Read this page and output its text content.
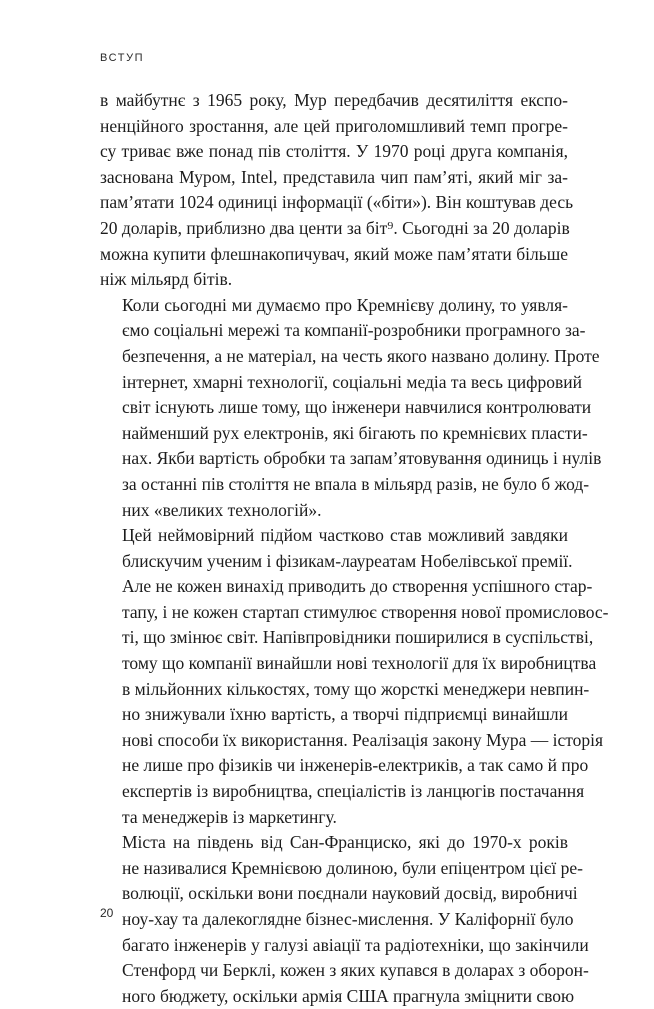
ВСТУП

в майбутнє з 1965 року, Мур передбачив десятиліття експо-
ненційного зростання, але цей приголомшливий темп прогре-
су триває вже понад пів століття. У 1970 році друга компанія,
заснована Муром, Intel, представила чип пам’яті, який міг за-
пам’ятати 1024 одиниці інформації («біти»). Він коштував десь
20 доларів, приблизно два центи за біт⁹. Сьогодні за 20 доларів
можна купити флешнакопичувач, який може пам’ятати більше
ніж мільярд бітів.

Коли сьогодні ми думаємо про Кремнієву долину, то уявля-
ємо соціальні мережі та компанії-розробники програмного за-
безпечення, а не матеріал, на честь якого названо долину. Проте
інтернет, хмарні технології, соціальні медіа та весь цифровий
світ існують лише тому, що інженери навчилися контролювати
найменший рух електронів, які бігають по кремнієвих пласти-
нах. Якби вартість обробки та запам’ятовування одиниць і нулів
за останні пів століття не впала в мільярд разів, не було б жод-
них «великих технологій».

Цей неймовірний підйом частково став можливий завдяки
блискучим ученим і фізикам-лауреатам Нобелівської премії.
Але не кожен винахід приводить до створення успішного стар-
тапу, і не кожен стартап стимулює створення нової промисловос-
ті, що змінює світ. Напівпровідники поширилися в суспільстві,
тому що компанії винайшли нові технології для їх виробництва
в мільйонних кількостях, тому що жорсткі менеджери невпин-
но знижували їхню вартість, а творчі підприємці винайшли
нові способи їх використання. Реалізація закону Мура — історія
не лише про фізиків чи інженерів-електриків, а так само й про
експертів із виробництва, спеціалістів із ланцюгів постачання
та менеджерів із маркетингу.

Міста на південь від Сан-Франциско, які до 1970-х років
не називалися Кремнієвою долиною, були епіцентром цієї ре-
волюції, оскільки вони поєднали науковий досвід, виробничі
ноу-хау та далекоглядне бізнес-мислення. У Каліфорнії було
багато інженерів у галузі авіації та радіотехніки, що закінчили
Стенфорд чи Берклі, кожен з яких купався в доларах з оборон-
ного бюджету, оскільки армія США прагнула зміцнити свою

20
